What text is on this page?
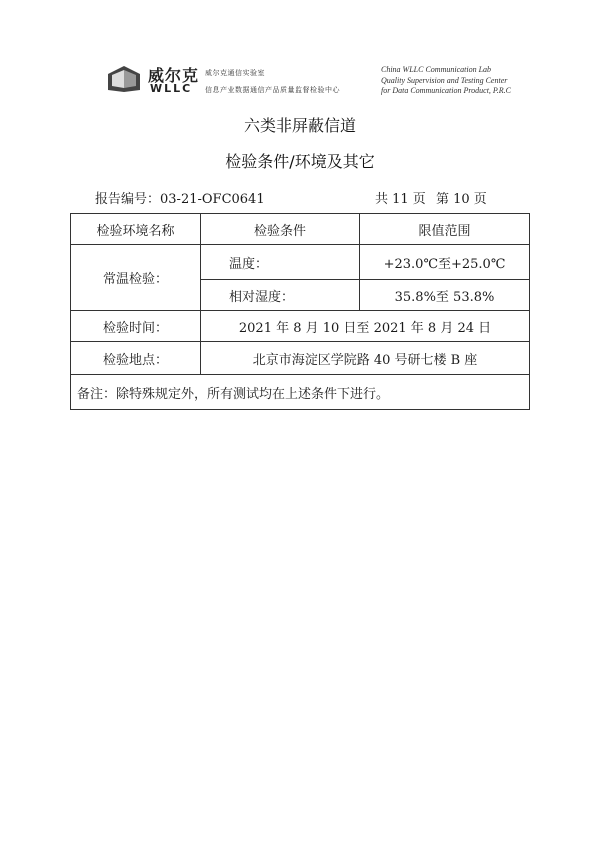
威尔克
WLLC
威尔克通信实验室
信息产业数据通信产品质量监督检验中心
China WLLC Communication Lab
Quality Supervision and Testing Center
for Data Communication Product, P.R.C
六类非屏蔽信道
检验条件/环境及其它
报告编号：03-21-OFC0641	共 11 页 第 10 页
检验环境名称	检验条件	限值范围
常温检验：	温度：	+23.0℃至+25.0℃
	相对湿度：	35.8%至 53.8%
检验时间：	2021 年 8 月 10 日至 2021 年 8 月 24 日	
检验地点：	北京市海淀区学院路 40 号研七楼 B 座	
备注：除特殊规定外，所有测试均在上述条件下进行。		
